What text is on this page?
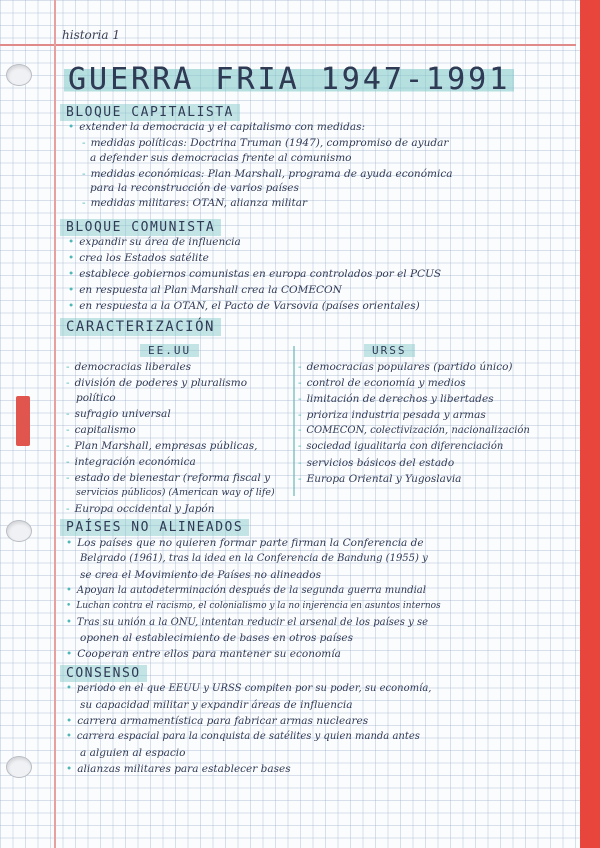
historia 1
GUERRA FRIA 1947-1991
BLOQUE CAPITALISTA
• extender la democracia y el capitalismo con medidas:
- medidas políticas: Doctrina Truman (1947), compromiso de ayudar
a defender sus democracias frente al comunismo
- medidas económicas: Plan Marshall, programa de ayuda económica
para la reconstrucción de varios países
- medidas militares: OTAN, alianza militar
BLOQUE COMUNISTA
• expandir su área de influencia
• crea los Estados satélite
• establece gobiernos comunistas en europa controlados por el PCUS
• en respuesta al Plan Marshall crea la COMECON
• en respuesta a la OTAN, el Pacto de Varsovia (países orientales)
CARACTERIZACIÓN
EE.UU	URSS
- democracias liberales
- división de poderes y pluralismo
político
- sufragio universal
- capitalismo
- Plan Marshall, empresas públicas,
- integración económica
- estado de bienestar (reforma fiscal y
servicios públicos) (American way of life)
- Europa occidental y Japón
- democracias populares (partido único)
- control de economía y medios
- limitación de derechos y libertades
- prioriza industria pesada y armas
- COMECON, colectivización, nacionalización
- sociedad igualitaria con diferenciación
- servicios básicos del estado
- Europa Oriental y Yugoslavia
PAÍSES NO ALINEADOS
• Los países que no quieren formar parte firman la Conferencia de
Belgrado (1961), tras la idea en la Conferencia de Bandung (1955) y
se crea el Movimiento de Países no alineados
• Apoyan la autodeterminación después de la segunda guerra mundial
• Luchan contra el racismo, el colonialismo y la no injerencia en asuntos internos
• Tras su unión a la ONU, intentan reducir el arsenal de los países y se
oponen al establecimiento de bases en otros países
• Cooperan entre ellos para mantener su economía
CONSENSO
• periodo en el que EEUU y URSS compiten por su poder, su economía,
su capacidad militar y expandir áreas de influencia
• carrera armamentística para fabricar armas nucleares
• carrera espacial para la conquista de satélites y quien manda antes
a alguien al espacio
• alianzas militares para establecer bases
